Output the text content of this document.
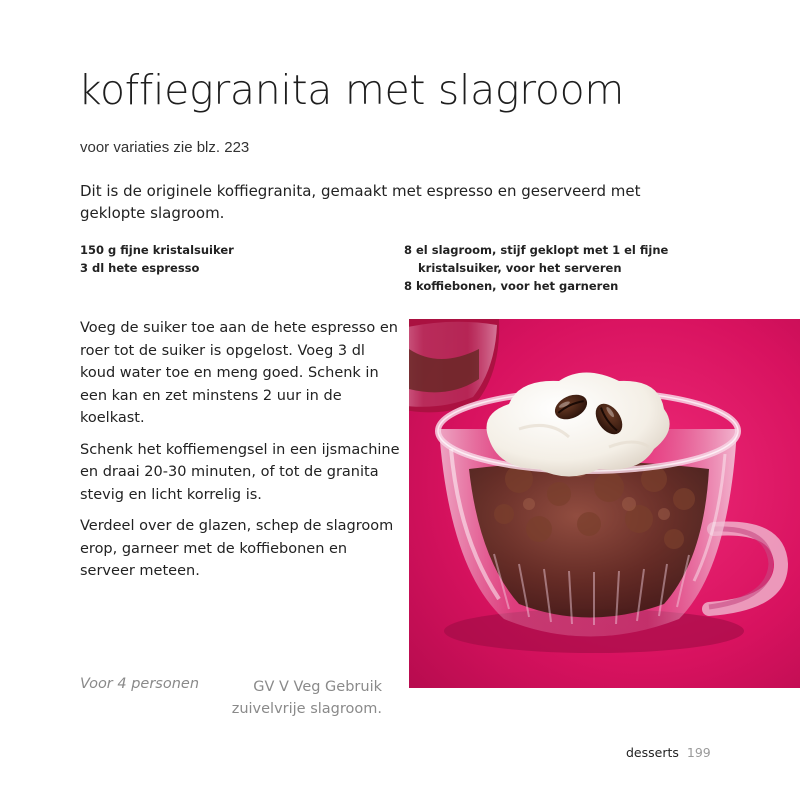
koffiegranita met slagroom
voor variaties zie blz. 223

Dit is de originele koffiegranita, gemaakt met espresso en geserveerd met geklopte slagroom.

150 g fijne kristalsuiker
3 dl hete espresso
8 el slagroom, stijf geklopt met 1 el fijne kristalsuiker, voor het serveren
8 koffiebonen, voor het garneren

Voeg de suiker toe aan de hete espresso en roer tot de suiker is opgelost. Voeg 3 dl koud water toe en meng goed. Schenk in een kan en zet minstens 2 uur in de koelkast.

Schenk het koffiemengsel in een ijsmachine en draai 20-30 minuten, of tot de granita stevig en licht korrelig is.

Verdeel over de glazen, schep de slagroom erop, garneer met de koffiebonen en serveer meteen.

Voor 4 personen	GV V Veg Gebruik zuivelvrije slagroom.
desserts 199
